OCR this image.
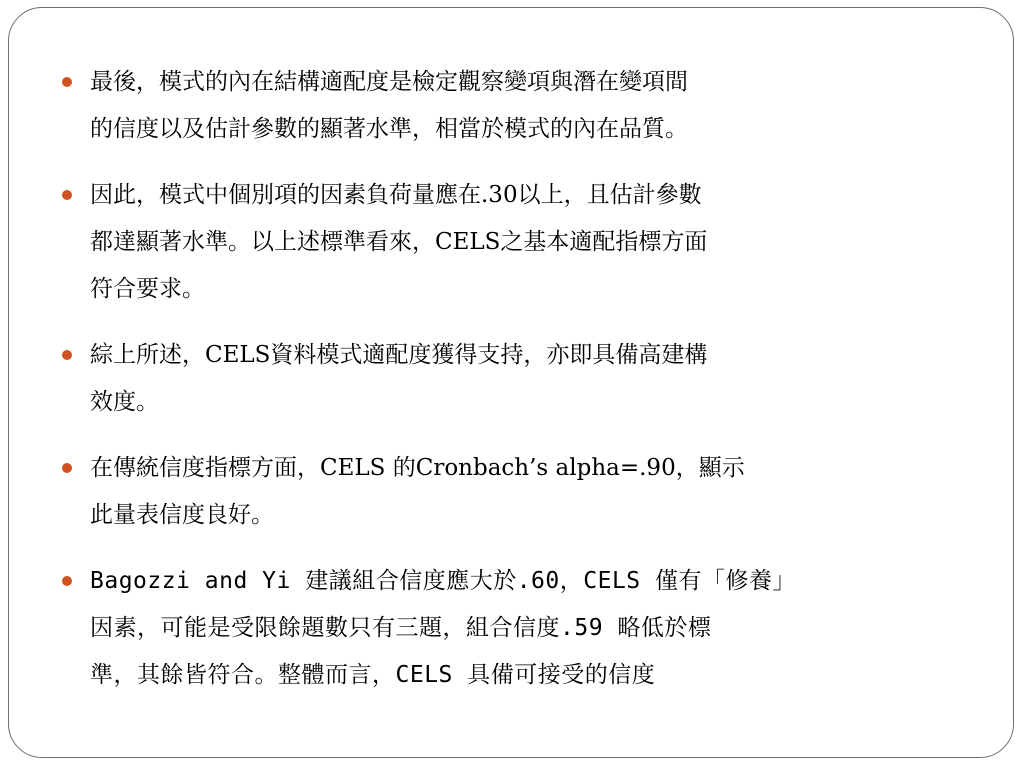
最後，模式的內在結構適配度是檢定觀察變項與潛在變項間
的信度以及估計參數的顯著水準，相當於模式的內在品質。
因此，模式中個別項的因素負荷量應在.30以上，且估計參數
都達顯著水準。以上述標準看來，CELS之基本適配指標方面
符合要求。
綜上所述，CELS資料模式適配度獲得支持，亦即具備高建構
效度。
在傳統信度指標方面，CELS 的Cronbach’s alpha=.90，顯示
此量表信度良好。
Bagozzi and Yi 建議組合信度應大於.60，CELS 僅有「修養」
因素，可能是受限餘題數只有三題，組合信度.59 略低於標
準，其餘皆符合。整體而言，CELS 具備可接受的信度
